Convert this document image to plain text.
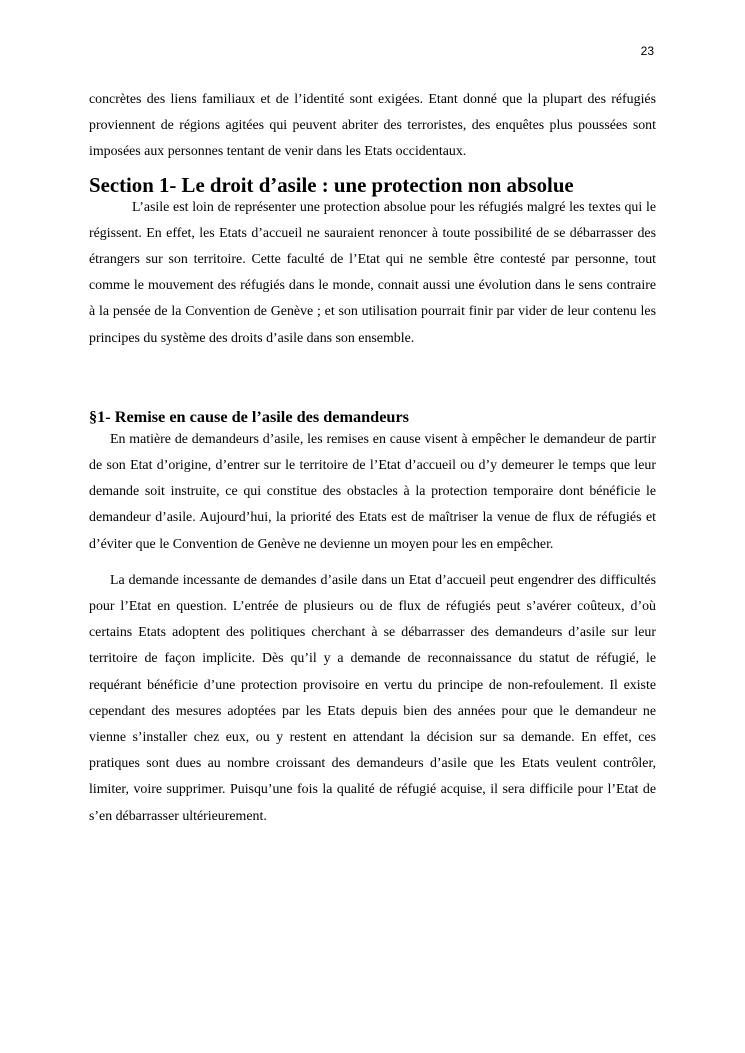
23

concrètes des liens familiaux et de l’identité sont exigées. Etant donné que la plupart des réfugiés proviennent de régions agitées qui peuvent abriter des terroristes, des enquêtes plus poussées sont imposées aux personnes tentant de venir dans les Etats occidentaux.

Section 1- Le droit d’asile : une protection non absolue

L’asile est loin de représenter une protection absolue pour les réfugiés malgré les textes qui le régissent. En effet, les Etats d’accueil ne sauraient renoncer à toute possibilité de se débarrasser des étrangers sur son territoire. Cette faculté de l’Etat qui ne semble être contesté par personne, tout comme le mouvement des réfugiés dans le monde, connait aussi une évolution dans le sens contraire à la pensée de la Convention de Genève ; et son utilisation pourrait finir par vider de leur contenu les principes du système des droits d’asile dans son ensemble.

§1- Remise en cause de l’asile des demandeurs

En matière de demandeurs d’asile, les remises en cause visent à empêcher le demandeur de partir de son Etat d’origine, d’entrer sur le territoire de l’Etat d’accueil ou d’y demeurer le temps que leur demande soit instruite, ce qui constitue des obstacles à la protection temporaire dont bénéficie le demandeur d’asile. Aujourd’hui, la priorité des Etats est de maîtriser la venue de flux de réfugiés et d’éviter que le Convention de Genève ne devienne un moyen pour les en empêcher.

La demande incessante de demandes d’asile dans un Etat d’accueil peut engendrer des difficultés pour l’Etat en question. L’entrée de plusieurs ou de flux de réfugiés peut s’avérer coûteux, d’où certains Etats adoptent des politiques cherchant à se débarrasser des demandeurs d’asile sur leur territoire de façon implicite. Dès qu’il y a demande de reconnaissance du statut de réfugié, le requérant bénéficie d’une protection provisoire en vertu du principe de non-refoulement. Il existe cependant des mesures adoptées par les Etats depuis bien des années pour que le demandeur ne vienne s’installer chez eux, ou y restent en attendant la décision sur sa demande. En effet, ces pratiques sont dues au nombre croissant des demandeurs d’asile que les Etats veulent contrôler, limiter, voire supprimer. Puisqu’une fois la qualité de réfugié acquise, il sera difficile pour l’Etat de s’en débarrasser ultérieurement.
